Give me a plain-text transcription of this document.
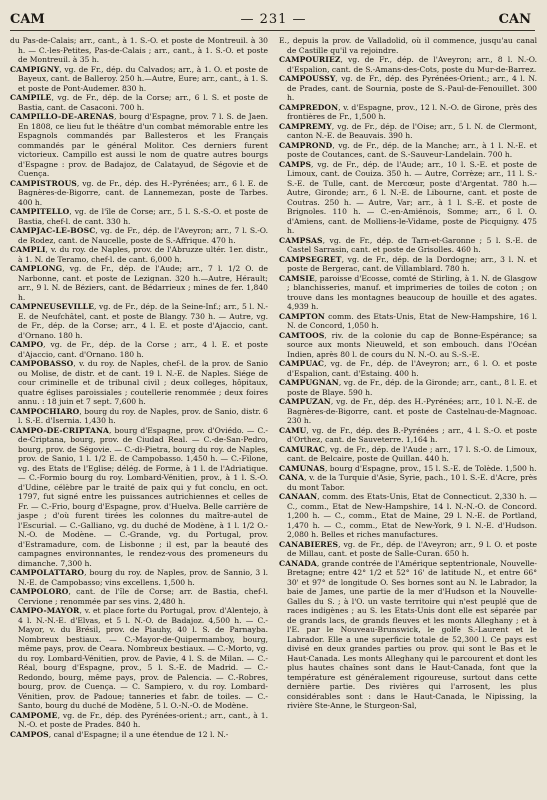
CAM	— 231 —	CAN

du Pas-de-Calais; arr., cant., à 1. S.-O. et poste de Montreuil. à 30 h. — C.-les-Petites, Pas-de-Calais ; arr., cant., à 1. S.-O. et poste de Montreuil. à 35 h.

CAMPIGNY, vg. de Fr., dép. du Calvados; arr., à 1. O. et poste de Bayeux, cant. de Balleroy. 250 h.—Autre, Eure; arr., cant., à 1. S. et poste de Pont-Audemer. 830 h.

CAMPILE, vg. de Fr., dép. de la Corse; arr., 6 l. S. et poste de Bastia, cant. de Casaconi. 700 h.

CAMPILLO-DE-ARENAS, bourg d'Espagne, prov. 7 l. S. de Jaen. En 1808, ce lieu fut le théâtre d'un combat mémorable entre les Espagnols commandés par Ballesteros et les Français commandés par le général Molitor. Ces derniers furent victorieux. Campillo est aussi le nom de quatre autres bourgs d'Espagne : prov. de Badajoz, de Calatayud, de Ségovie et de Cuença.

CAMPISTROUS, vg. de Fr., dép. des H.-Pyrénées; arr., 6 l. E. de Bagnères-de-Bigorre, cant. de Lannemezan, poste de Tarbes. 400 h.

CAMPITELLO, vg. de l'île de Corse; arr., 5 l. S.-S.-O. et poste de Bastia, chef-l. de cant. 330 h.

CAMPJAC-LE-BOSC, vg. de Fr., dép. de l'Aveyron; arr., 7 l. S.-O. de Rodez, cant. de Naucelle, poste de S.-Affrique. 470 h.

CAMPLI, v. du roy. de Naples, prov. de l'Abruzze ultér. 1er. distr., à 1. N. de Teramo, chef-l. de cant. 6,000 h.

CAMPLONG, vg. de Fr., dép. de l'Aude; arr., 7 l. 1/2 O. de Narbonne, cant. et poste de Lezignan. 320 h.—Autre, Hérault; arr., 9 l. N. de Béziers, cant. de Bédarrieux ; mines de fer. 1,840 h.

CAMPNEUSEVILLE, vg. de Fr., dép. de la Seine-Inf.; arr., 5 l. N.-E. de Neufchâtel, cant. et poste de Blangy. 730 h. — Autre, vg. de Fr., dép. de la Corse; arr., 4 l. E. et poste d'Ajaccio, cant. d'Ornano. 180 h.

CAMPO, vg. de Fr., dép. de la Corse ; arr., 4 l. E. et poste d'Ajaccio, cant. d'Ornano. 180 h.

CAMPOBASSO, v. du roy. de Naples, chef-l. de la prov. de Sanio ou Molise, de distr. et de cant. 19 l. N.-E. de Naples. Siége de cour criminelle et de tribunal civil ; deux colleges, hôpitaux, quatre églises paroissiales ; coutellerie renommée ; deux foires annu. : 18 juin et 7 sept. 7,600 h.

CAMPOCHIARO, bourg du roy. de Naples, prov. de Sanio, distr. 6 l. S.-E. d'Isernia. 1,430 h.

CAMPO-DE-CRIPTANA, bourg d'Espagne, prov. d'Oviédo. — C.-de-Criptana, bourg, prov. de Ciudad Real. — C.-de-San-Pedro, bourg, prov. de Ségovie. — C.-di-Pietra, bourg du roy. de Naples, prov. de Sanio, 1 l. 1/2 E. de Campobasso. 1,450 h. — C.-Filone, vg. des Etats de l'Eglise; délég. de Forme, à 1 l. de l'Adriatique. — C.-Formio bourg du roy. Lombard-Vénitien, prov., à 1 l. S.-O. d'Udine, célèbre par le traité de paix qui y fut conclu, en oct. 1797, fut signé entre les puissances autrichiennes et celles de Fr. — C.-Frio, bourg d'Espagne, prov. d'Huelva. Belle carrière de jaspe ; d'où furent tirées les colonnes du maître-autel de l'Escurial. — C.-Galliano, vg. du duché de Modène, à 1 l. 1/2 O.-N.-O. de Modène. — C.-Grande, vg. du Portugal, prov. d'Estramadure, com. de Lisbonne ; il est, par la beauté des campagnes environnantes, le rendez-vous des promeneurs du dimanche. 7,300 h.

CAMPOLATTARO, bourg du roy. de Naples, prov. de Sannio, 3 l. N.-E. de Campobasso; vins excellens. 1,500 h.

CAMPOLORO, cant. de l'île de Corse; arr. de Bastia, chef-l. Cervione ; renommée par ses vins. 2,480 h.

CAMPO-MAYOR, v. et place forte du Portugal, prov. d'Alentejo, à 4 l. N.-N.-E. d'Elvas, et 5 l. N.-O. de Badajoz. 4,500 h. — C.-Mayor, v. du Brésil, prov. de Piauhy, 40 l. S. de Parnayba. Nombreux bestiaux. — C.-Mayor-de-Quipermamboy, bourg, même pays, prov. de Ceara. Nombreux bestiaux. — C.-Morto, vg. du roy. Lombard-Vénitien, prov. de Pavie, 4 l. S. de Milan. — C.-Réal, bourg d'Espagne, prov., 5 l. S.-E. de Madrid. — C.-Redondo, bourg, même pays, prov. de Palencia. — C.-Robres, bourg, prov. de Cuença. — C. Sampiero, v. du roy. Lombard-Vénitien, prov. de Padoue; tanneries et fabr. de toiles. — C.-Santo, bourg du duché de Modène, 5 l. O.-N.-O. de Modène.

CAMPOME, vg. de Fr., dép. des Pyrénées-orient.; arr., cant., à 1. N.-O. et poste de Prades. 840 h.

CAMPOS, canal d'Espagne; il a une étendue de 12 l. N.-

E., depuis la prov. de Valladolid, où il commence, jusqu'au canal de Castille qu'il va rejoindre.

CAMPOURIEZ, vg. de Fr., dép. de l'Aveyron; arr., 8 l. N.-O. d'Espalion, cant. de S.-Amans-des-Cots, poste du Mur-de-Barrez.

CAMPOUSSY, vg. de Fr., dép. des Pyrénées-Orient.; arr., 4 l. N. de Prades, cant. de Sournia, poste de S.-Paul-de-Fenouillet. 300 h.

CAMPREDON, v. d'Espagne, prov., 12 l. N.-O. de Girone, près des frontières de Fr., 1,500 h.

CAMPREMY, vg. de Fr., dép. de l'Oise; arr., 5 l. N. de Clermont, canton N.-E. de Beauvais. 390 h.

CAMPROND, vg. de Fr., dép. de la Manche; arr., à 1 l. N.-E. et poste de Coutances, cant. de S.-Sauveur-Landelain. 700 h.

CAMPS, vg. de Fr., dép. de l'Aude; arr., 10 l. S.-E. et poste de Limoux, cant. de Couiza. 350 h. — Autre, Corrèze; arr., 11 l. S.-S.-E. de Tulle, cant. de Mercœur, poste d'Argentat. 780 h.— Autre, Gironde; arr., 6 l. N.-E. de Libourne, cant. et poste de Coutras. 250 h. — Autre, Var; arr., à 1 l. S.-E. et poste de Brignoles. 110 h. — C.-en-Amiénois, Somme; arr., 6 l. O. d'Amiens, cant. de Molliens-le-Vidame, poste de Picquigny. 475 h.

CAMPSAS, vg. de Fr., dép. de Tarn-et-Garonne ; 5 l. S.-E. de Castel Sarrasin, cant. et poste de Grisolles. 460 h.

CAMPSEGRET, vg. de Fr., dép. de la Dordogne; arr., 3 l. N. et poste de Bergerac, cant. de Villamblard. 780 h.

CAMSIE, paroisse d'Ecosse, comté de Stirling, à 1. N. de Glasgow ; blanchisseries, manuf. et imprimeries de toiles de coton ; on trouve dans les montagnes beaucoup de houille et des agates. 4,939 h.

CAMPTON comm. des Etats-Unis, Etat de New-Hampshire, 16 l. N. de Concord, 1,050 h.

CAMTOOS, riv. de la colonie du cap de Bonne-Espérance; sa source aux monts Nieuweld, et son embouch. dans l'Océan Indien, après 80 l. de cours du N. N.-O. au S.-S.-E.

CAMPUAC, vg. de Fr., dép. de l'Aveyron; arr., 6 l. O. et poste d'Espalion, cant. d'Estaing. 400 h.

CAMPUGNAN, vg. de Fr., dép. de la Gironde; arr., cant., 8 l. E. et poste de Blaye. 590 h.

CAMPUZAN, vg. de Fr., dép. des H.-Pyrénées; arr., 10 l. N.-E. de Bagnères-de-Bigorre, cant. et poste de Castelnau-de-Magnoac. 230 h.

CAMU, vg. de Fr., dép. des B.-Pyrénées ; arr., 4 l. S.-O. et poste d'Orthez, cant. de Sauveterre. 1,164 h.

CAMURAC, vg. de Fr., dép. de l'Aude ; arr., 17 l. S.-O. de Limoux, cant. de Belcaire, poste de Quillan. 440 h.

CAMUNAS, bourg d'Espagne, prov., 15 l. S.-E. de Tolède. 1,500 h.

CANA, v. de la Turquie d'Asie, Syrie, pach., 10 l. S.-E. d'Acre, près du mont Tabor.

CANAAN, comm. des Etats-Unis, Etat de Connecticut. 2,330 h. — C., comm., Etat de New-Hampshire, 14 l. N.-N.-O. de Concord. 1,200 h. — C., comm., Etat de Maine, 29 l. N.-E. de Portland, 1,470 h. — C., comm., Etat de New-York, 9 l. N.-E. d'Hudson. 2,080 h. Belles et riches manufactures.

CANABIERES, vg. de Fr., dép. de l'Aveyron; arr., 9 l. O. et poste de Millau, cant. et poste de Salle-Curan. 650 h.

CANADA, grande contrée de l'Amérique septentrionale, Nouvelle-Bretagne; entre 42° 1/2 et 52° 16' de latitude N., et entre 66° 30' et 97° de longitude O. Ses bornes sont au N. le Labrador, la baie de James, une partie de la mer d'Hudson et la Nouvelle-Galles du S. ; à l'O. un vaste territoire qui n'est peuplé que de races indigènes ; au S. les Etats-Unis dont elle est séparée par de grands lacs, de grands fleuves et les monts Alleghany ; et à l'E. par le Nouveau-Brunswick, le golfe S.-Laurent et le Labrador. Elle a une superficie totale de 52,300 l. Ce pays est divisé en deux grandes parties ou prov. qui sont le Bas et le Haut-Canada. Les monts Alleghany qui le parcourent et dont les plus hautes chaînes sont dans le Haut-Canada, font que la température est généralement rigoureuse, surtout dans cette dernière partie. Des rivières qui l'arrosent, les plus considérables sont : dans le Haut-Canada, le Nipissing, la rivière Ste-Anne, le Sturgeon-Sal,
